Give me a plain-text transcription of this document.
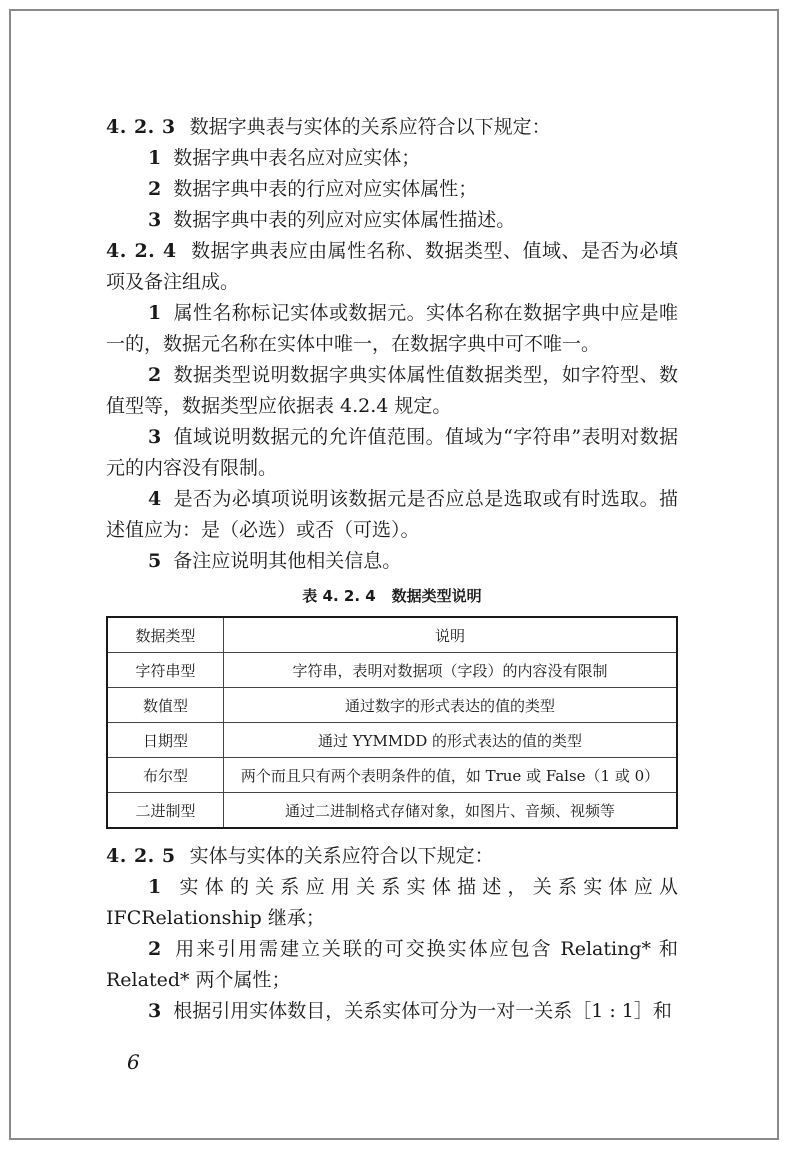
4. 2. 3 数据字典表与实体的关系应符合以下规定：

1 数据字典中表名应对应实体；

2 数据字典中表的行应对应实体属性；

3 数据字典中表的列应对应实体属性描述。

4. 2. 4 数据字典表应由属性名称、数据类型、值域、是否为必填项及备注组成。

1 属性名称标记实体或数据元。实体名称在数据字典中应是唯一的，数据元名称在实体中唯一，在数据字典中可不唯一。

2 数据类型说明数据字典实体属性值数据类型，如字符型、数值型等，数据类型应依据表 4.2.4 规定。

3 值域说明数据元的允许值范围。值域为“字符串”表明对数据元的内容没有限制。

4 是否为必填项说明该数据元是否应总是选取或有时选取。描述值应为：是（必选）或否（可选）。

5 备注应说明其他相关信息。

表 4. 2. 4 数据类型说明
数据类型	说明
字符串型	字符串，表明对数据项（字段）的内容没有限制
数值型	通过数字的形式表达的值的类型
日期型	通过 YYMMDD 的形式表达的值的类型
布尔型	两个而且只有两个表明条件的值，如 True 或 False（1 或 0）
二进制型	通过二进制格式存储对象，如图片、音频、视频等

4. 2. 5 实体与实体的关系应符合以下规定：

1 实体的关系应用关系实体描述，关系实体应从 IFCRelationship 继承；

2 用来引用需建立关联的可交换实体应包含 Relating* 和 Related* 两个属性；

3 根据引用实体数目，关系实体可分为一对一关系［1 : 1］和

6
